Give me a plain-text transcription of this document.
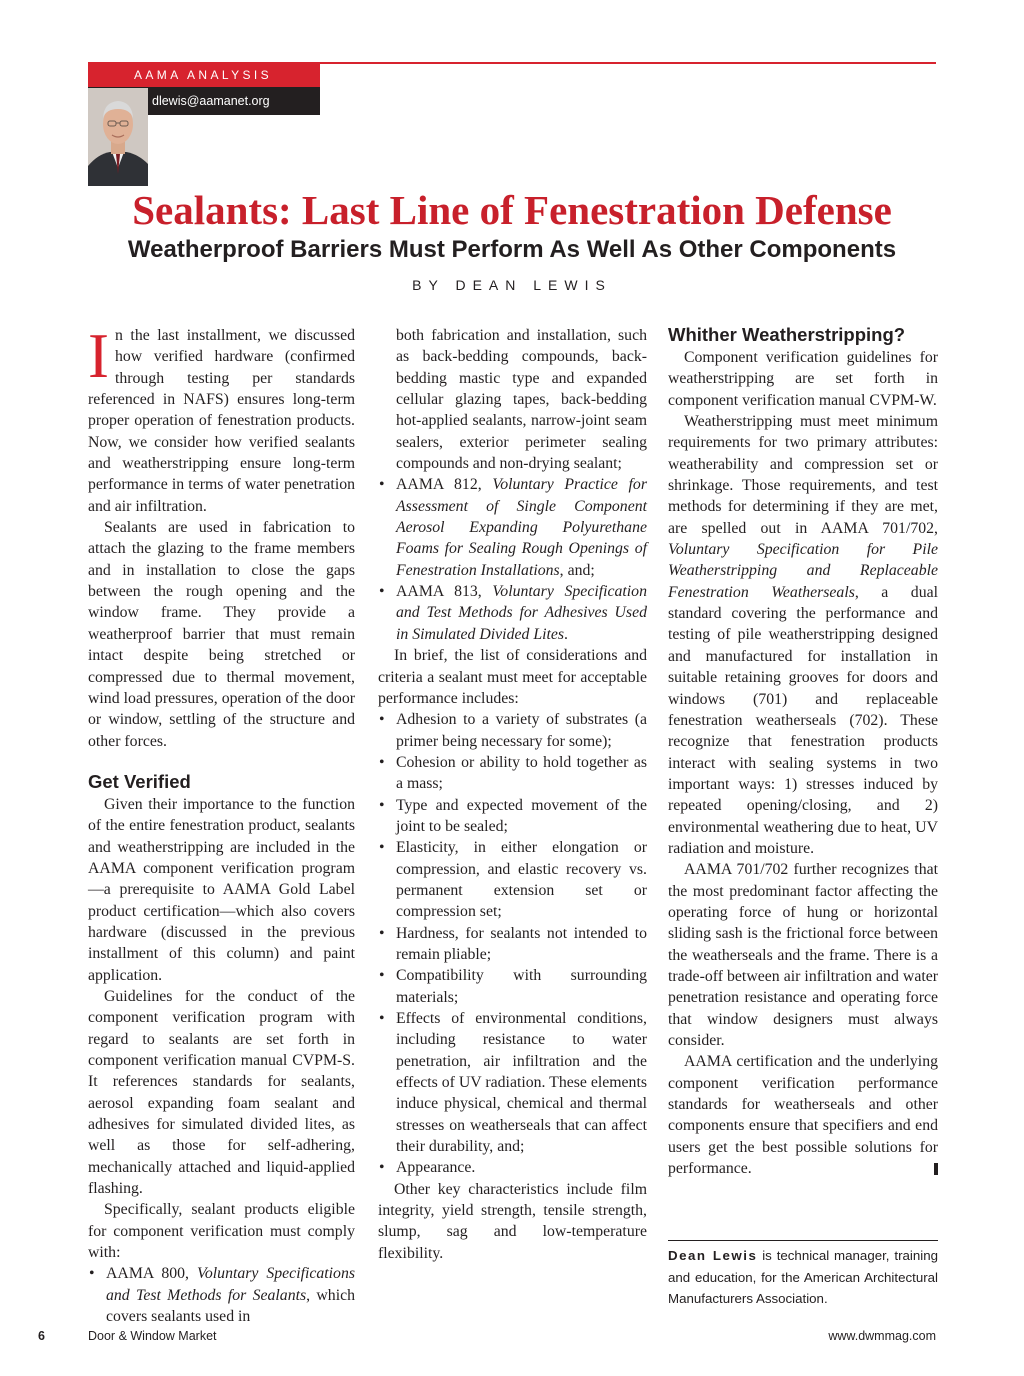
AAMA ANALYSIS
dlewis@aamanet.org
Sealants: Last Line of Fenestration Defense
Weatherproof Barriers Must Perform As Well As Other Components
BY DEAN LEWIS

In the last installment, we discussed how verified hardware (confirmed through testing per standards referenced in NAFS) ensures long-term proper operation of fenestration products. Now, we consider how verified sealants and weatherstripping ensure long-term performance in terms of water penetration and air infiltration.

Sealants are used in fabrication to attach the glazing to the frame members and in installation to close the gaps between the rough opening and the window frame. They provide a weatherproof barrier that must remain intact despite being stretched or compressed due to thermal movement, wind load pressures, operation of the door or window, settling of the structure and other forces.

Get Verified

Given their importance to the function of the entire fenestration product, sealants and weatherstripping are included in the AAMA component verification program—a prerequisite to AAMA Gold Label product certification—which also covers hardware (discussed in the previous installment of this column) and paint application.

Guidelines for the conduct of the component verification program with regard to sealants are set forth in component verification manual CVPM-S. It references standards for sealants, aerosol expanding foam sealant and adhesives for simulated divided lites, as well as those for self-adhering, mechanically attached and liquid-applied flashing.

Specifically, sealant products eligible for component verification must comply with:

• AAMA 800, Voluntary Specifications and Test Methods for Sealants, which covers sealants used in

both fabrication and installation, such as back-bedding compounds, back-bedding mastic type and expanded cellular glazing tapes, back-bedding hot-applied sealants, narrow-joint seam sealers, exterior perimeter sealing compounds and non-drying sealant;

• AAMA 812, Voluntary Practice for Assessment of Single Component Aerosol Expanding Polyurethane Foams for Sealing Rough Openings of Fenestration Installations, and;
• AAMA 813, Voluntary Specification and Test Methods for Adhesives Used in Simulated Divided Lites.

In brief, the list of considerations and criteria a sealant must meet for acceptable performance includes:

• Adhesion to a variety of substrates (a primer being necessary for some);
• Cohesion or ability to hold together as a mass;
• Type and expected movement of the joint to be sealed;
• Elasticity, in either elongation or compression, and elastic recovery vs. permanent extension set or compression set;
• Hardness, for sealants not intended to remain pliable;
• Compatibility with surrounding materials;
• Effects of environmental conditions, including resistance to water penetration, air infiltration and the effects of UV radiation. These elements induce physical, chemical and thermal stresses on weatherseals that can affect their durability, and;
• Appearance.

Other key characteristics include film integrity, yield strength, tensile strength, slump, sag and low-temperature flexibility.

Whither Weatherstripping?

Component verification guidelines for weatherstripping are set forth in component verification manual CVPM-W.

Weatherstripping must meet minimum requirements for two primary attributes: weatherability and compression set or shrinkage. Those requirements, and test methods for determining if they are met, are spelled out in AAMA 701/702, Voluntary Specification for Pile Weatherstripping and Replaceable Fenestration Weatherseals, a dual standard covering the performance and testing of pile weatherstripping designed and manufactured for installation in suitable retaining grooves for doors and windows (701) and replaceable fenestration weatherseals (702). These recognize that fenestration products interact with sealing systems in two important ways: 1) stresses induced by repeated opening/closing, and 2) environmental weathering due to heat, UV radiation and moisture.

AAMA 701/702 further recognizes that the most predominant factor affecting the operating force of hung or horizontal sliding sash is the frictional force between the weatherseals and the frame. There is a trade-off between air infiltration and water penetration resistance and operating force that window designers must always consider.

AAMA certification and the underlying component verification performance standards for weatherseals and other components ensure that specifiers and end users get the best possible solutions for performance.

Dean Lewis is technical manager, training and education, for the American Architectural Manufacturers Association.
6	Door & Window Market	www.dwmmag.com
